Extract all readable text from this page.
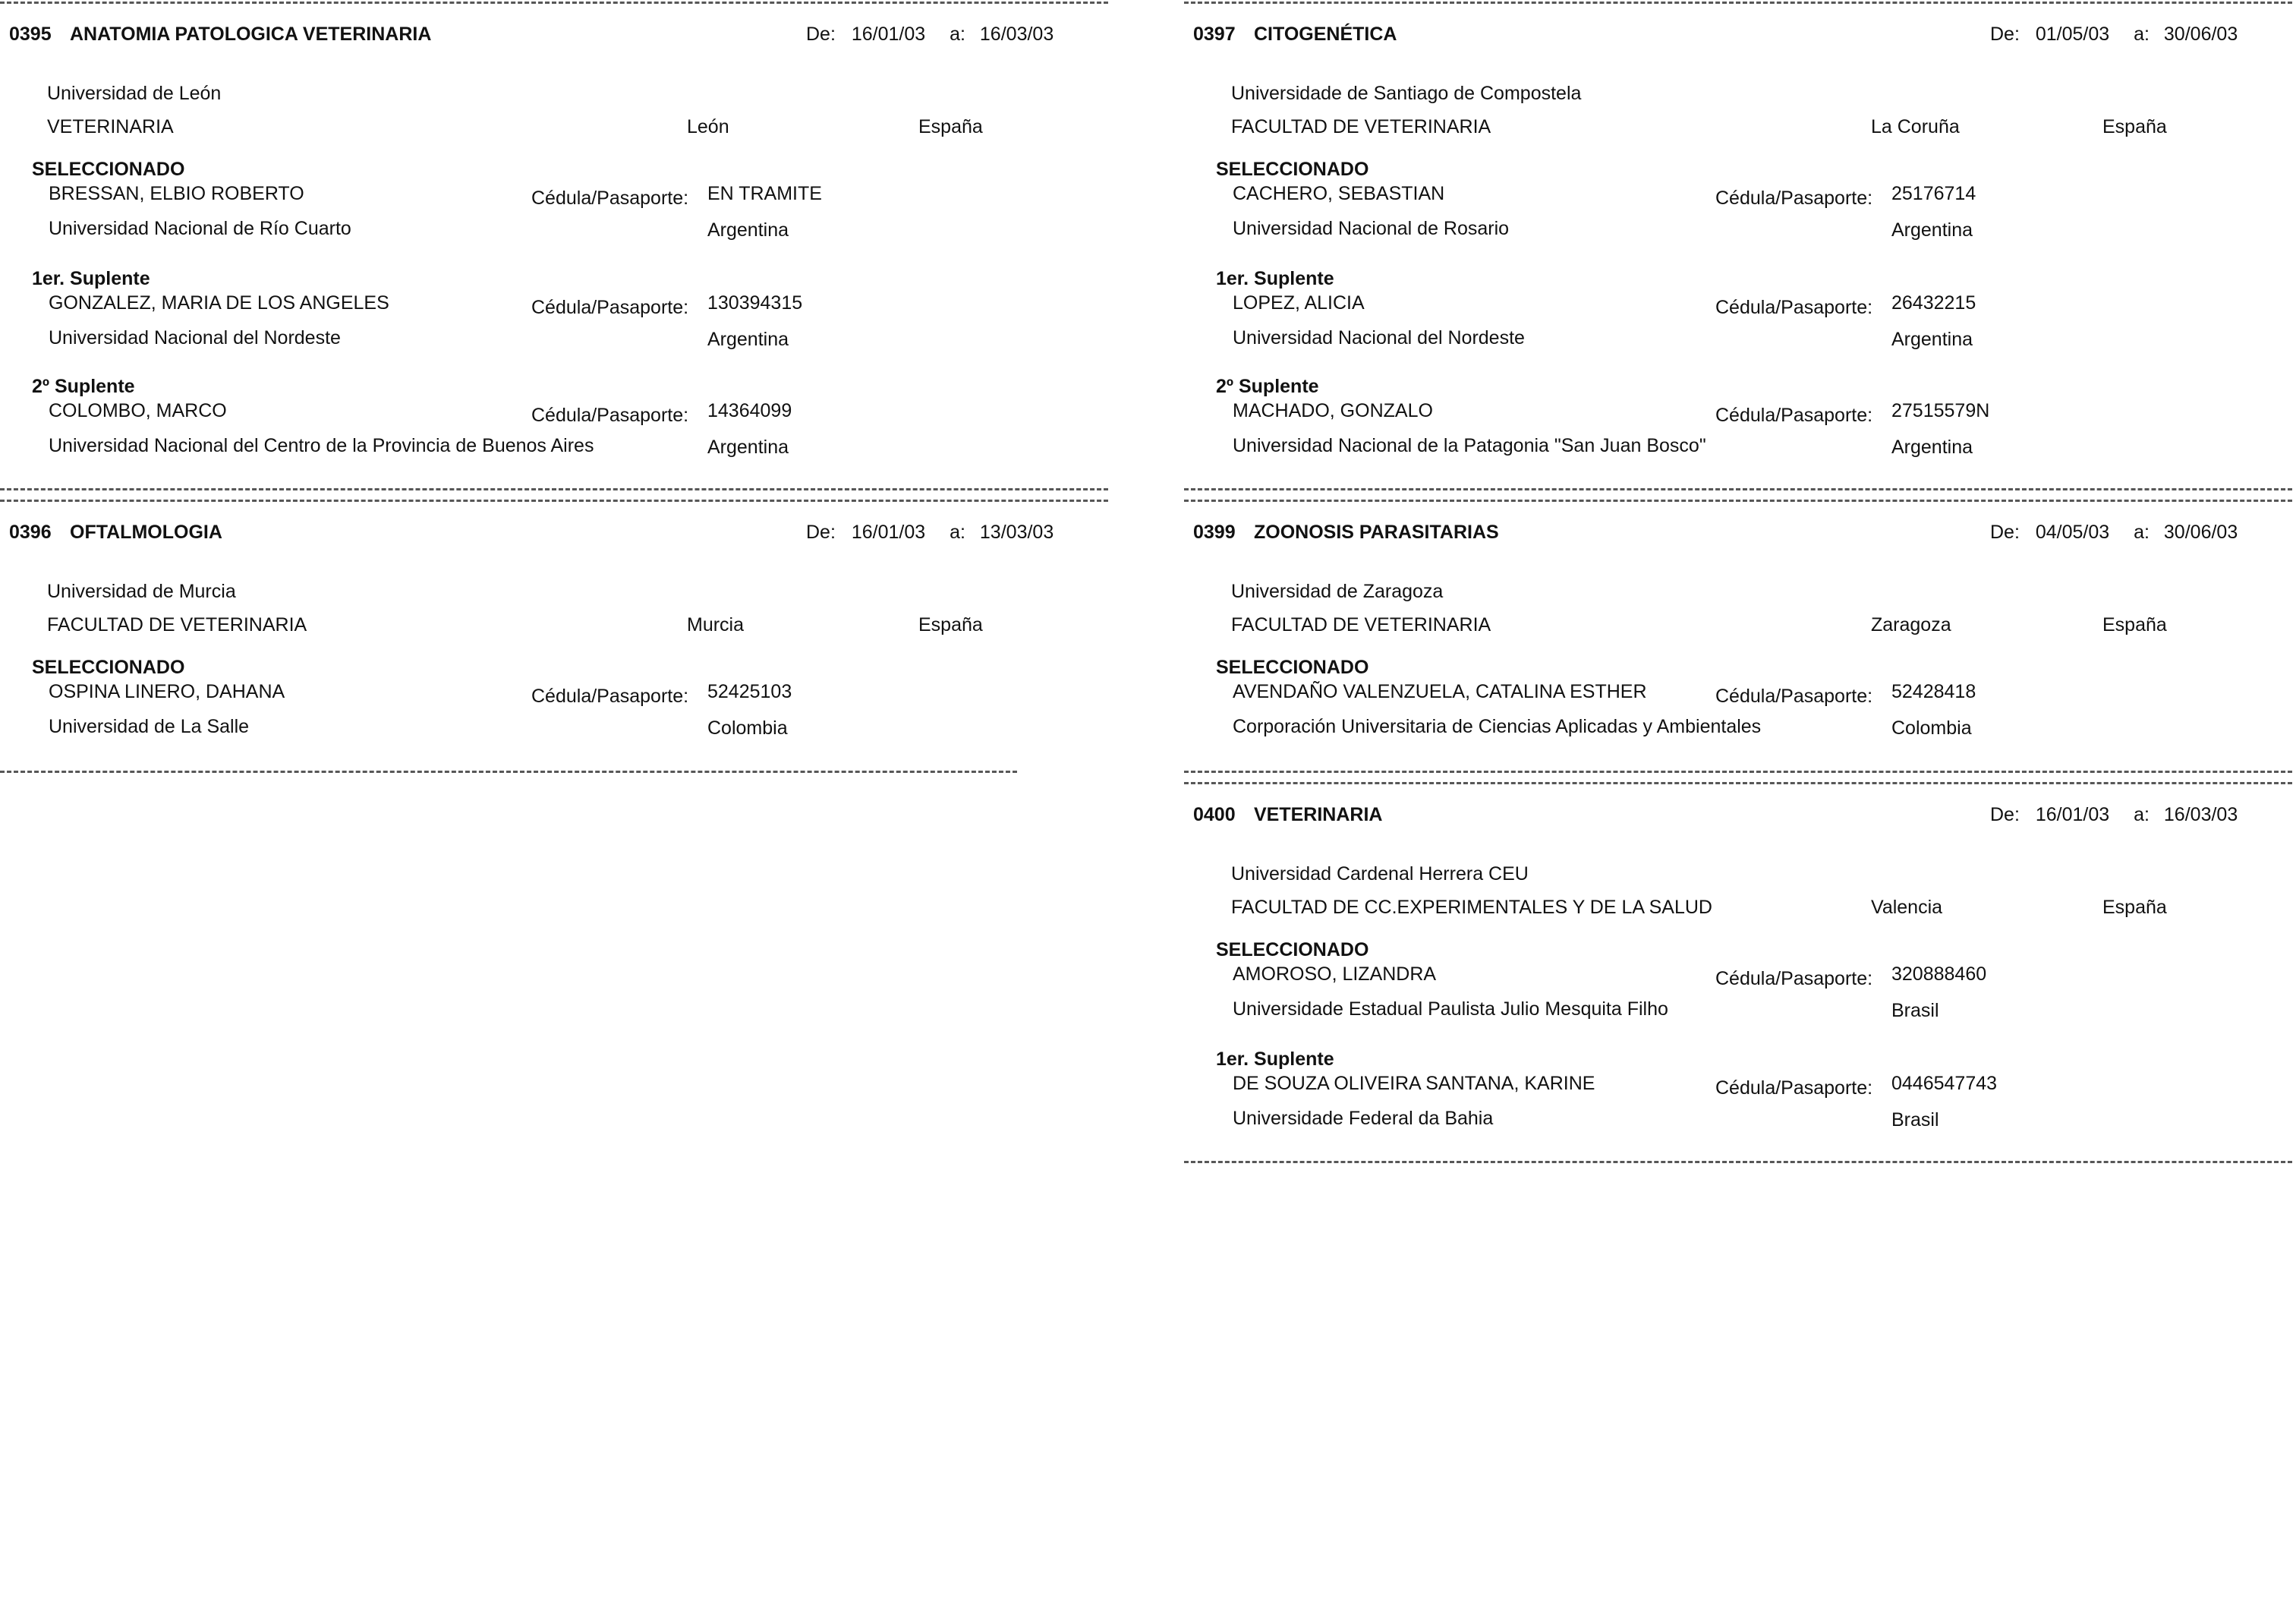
0395 ANATOMIA PATOLOGICA VETERINARIA	De: 16/01/03 a: 16/03/03
Universidad de León
VETERINARIA	León	España
SELECCIONADO
BRESSAN, ELBIO ROBERTO	Cédula/Pasaporte: EN TRAMITE
Universidad Nacional de Río Cuarto	Argentina
1er. Suplente
GONZALEZ, MARIA DE LOS ANGELES	Cédula/Pasaporte: 130394315
Universidad Nacional del Nordeste	Argentina
2º Suplente
COLOMBO, MARCO	Cédula/Pasaporte: 14364099
Universidad Nacional del Centro de la Provincia de Buenos Aires	Argentina
0396 OFTALMOLOGIA	De: 16/01/03 a: 13/03/03
Universidad de Murcia
FACULTAD DE VETERINARIA	Murcia	España
SELECCIONADO
OSPINA LINERO, DAHANA	Cédula/Pasaporte: 52425103
Universidad de La Salle	Colombia
0397 CITOGENÉTICA	De: 01/05/03 a: 30/06/03
Universidade de Santiago de Compostela
FACULTAD DE VETERINARIA	La Coruña	España
SELECCIONADO
CACHERO, SEBASTIAN	Cédula/Pasaporte: 25176714
Universidad Nacional de Rosario	Argentina
1er. Suplente
LOPEZ, ALICIA	Cédula/Pasaporte: 26432215
Universidad Nacional del Nordeste	Argentina
2º Suplente
MACHADO, GONZALO	Cédula/Pasaporte: 27515579N
Universidad Nacional de la Patagonia "San Juan Bosco"	Argentina
0399 ZOONOSIS PARASITARIAS	De: 04/05/03 a: 30/06/03
Universidad de Zaragoza
FACULTAD DE VETERINARIA	Zaragoza	España
SELECCIONADO
AVENDAÑO VALENZUELA, CATALINA ESTHER	Cédula/Pasaporte: 52428418
Corporación Universitaria de Ciencias Aplicadas y Ambientales	Colombia
0400 VETERINARIA	De: 16/01/03 a: 16/03/03
Universidad Cardenal Herrera CEU
FACULTAD DE CC.EXPERIMENTALES Y DE LA SALUD	Valencia	España
SELECCIONADO
AMOROSO, LIZANDRA	Cédula/Pasaporte: 320888460
Universidade Estadual Paulista Julio Mesquita Filho	Brasil
1er. Suplente
DE SOUZA OLIVEIRA SANTANA, KARINE	Cédula/Pasaporte: 0446547743
Universidade Federal da Bahia	Brasil
